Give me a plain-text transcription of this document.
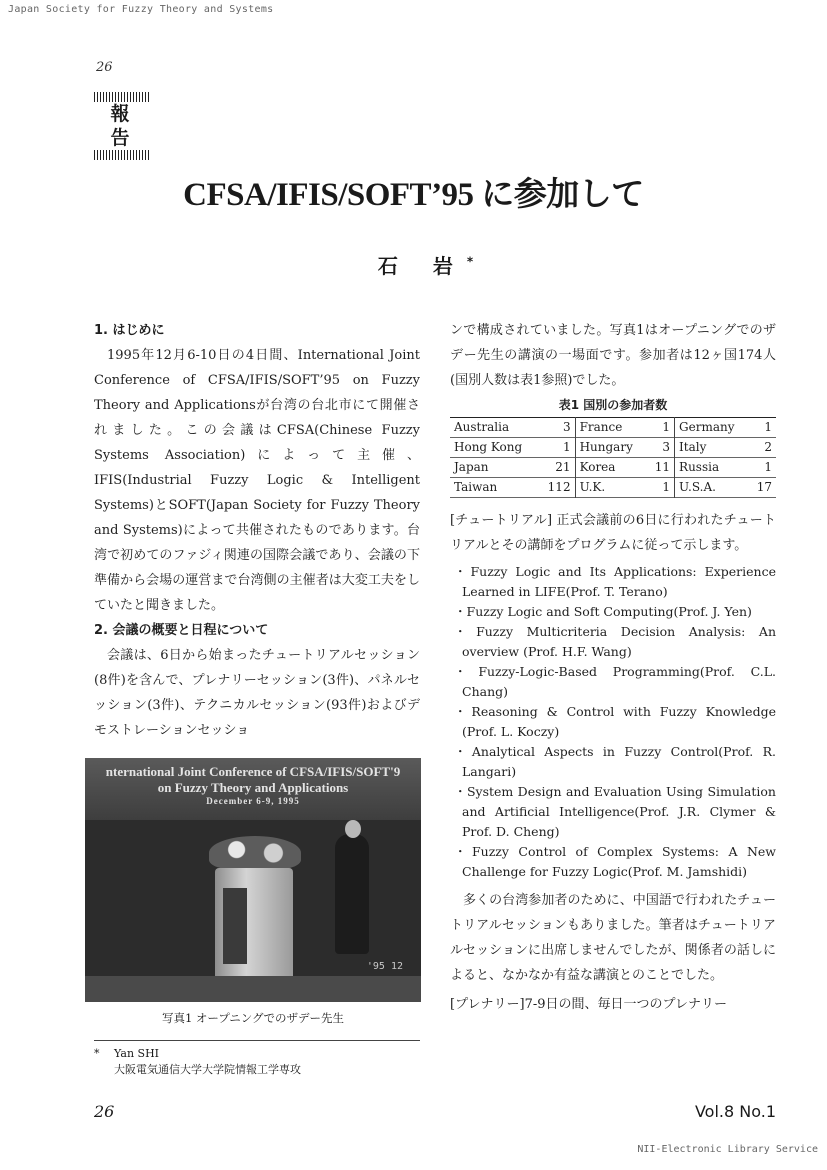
Japan Society for Fuzzy Theory and Systems
26
報 告
CFSA/IFIS/SOFT’95 に参加して
石 岩*
1. はじめに
1995年12月6-10日の4日間、International Joint Conference of CFSA/IFIS/SOFT’95 on Fuzzy Theory and Applicationsが台湾の台北市にて開催されました。この会議はCFSA(Chinese Fuzzy Systems Association)によって主催、IFIS(Industrial Fuzzy Logic & Intelligent Systems)とSOFT(Japan Society for Fuzzy Theory and Systems)によって共催されたものであります。台湾で初めてのファジィ関連の国際会議であり、会議の下準備から会場の運営まで台湾側の主催者は大変工夫をしていたと聞きました。
2. 会議の概要と日程について
会議は、6日から始まったチュートリアルセッション(8件)を含んで、プレナリーセッション(3件)、パネルセッション(3件)、テクニカルセッション(93件)およびデモストレーションセッショ
nternational Joint Conference of CFSA/IFIS/SOFT'9
on Fuzzy Theory and Applications
December 6-9, 1995
'95 12
写真1 オープニングでのザデー先生
* Yan SHI
大阪電気通信大学大学院情報工学専攻
ンで構成されていました。写真1はオープニングでのザデー先生の講演の一場面です。参加者は12ヶ国174人(国別人数は表1参照)でした。
表1 国別の参加者数
Australia	3	France	1	Germany	1
Hong Kong	1	Hungary	3	Italy	2
Japan	21	Korea	11	Russia	1
Taiwan	112	U.K.	1	U.S.A.	17
[チュートリアル] 正式会議前の6日に行われたチュートリアルとその講師をプログラムに従って示します。
・ Fuzzy Logic and Its Applications: Experience Learned in LIFE(Prof. T. Terano)
・ Fuzzy Logic and Soft Computing(Prof. J. Yen)
・ Fuzzy Multicriteria Decision Analysis: An overview (Prof. H.F. Wang)
・ Fuzzy-Logic-Based Programming(Prof. C.L. Chang)
・ Reasoning & Control with Fuzzy Knowledge (Prof. L. Koczy)
・ Analytical Aspects in Fuzzy Control(Prof. R. Langari)
・ System Design and Evaluation Using Simulation and Artificial Intelligence(Prof. J.R. Clymer & Prof. D. Cheng)
・ Fuzzy Control of Complex Systems: A New Challenge for Fuzzy Logic(Prof. M. Jamshidi)
多くの台湾参加者のために、中国語で行われたチュートリアルセッションもありました。筆者はチュートリアルセッションに出席しませんでしたが、関係者の話しによると、なかなか有益な講演とのことでした。
[プレナリー]7-9日の間、毎日一つのプレナリー
26	Vol.8 No.1
NII-Electronic Library Service
